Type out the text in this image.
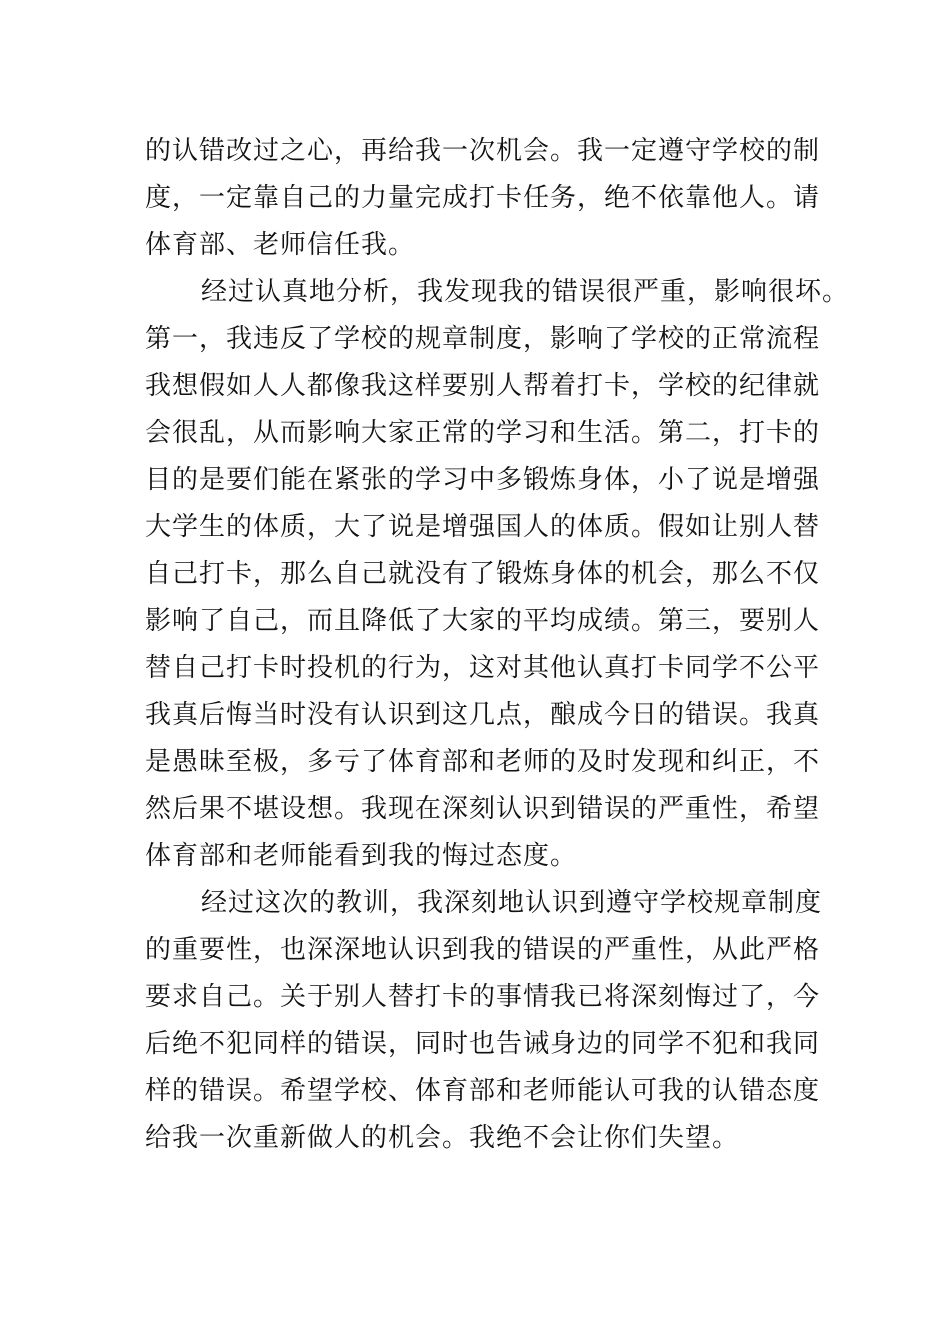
的认错改过之心，再给我一次机会。我一定遵守学校的制
度，一定靠自己的力量完成打卡任务，绝不依靠他人。请
体育部、老师信任我。
经过认真地分析，我发现我的错误很严重，影响很坏。
第一，我违反了学校的规章制度，影响了学校的正常流程
我想假如人人都像我这样要别人帮着打卡，学校的纪律就
会很乱，从而影响大家正常的学习和生活。第二，打卡的
目的是要们能在紧张的学习中多锻炼身体，小了说是增强
大学生的体质，大了说是增强国人的体质。假如让别人替
自己打卡，那么自己就没有了锻炼身体的机会，那么不仅
影响了自己，而且降低了大家的平均成绩。第三，要别人
替自己打卡时投机的行为，这对其他认真打卡同学不公平
我真后悔当时没有认识到这几点，酿成今日的错误。我真
是愚昧至极，多亏了体育部和老师的及时发现和纠正，不
然后果不堪设想。我现在深刻认识到错误的严重性，希望
体育部和老师能看到我的悔过态度。
经过这次的教训，我深刻地认识到遵守学校规章制度
的重要性，也深深地认识到我的错误的严重性，从此严格
要求自己。关于别人替打卡的事情我已将深刻悔过了，今
后绝不犯同样的错误，同时也告诫身边的同学不犯和我同
样的错误。希望学校、体育部和老师能认可我的认错态度
给我一次重新做人的机会。我绝不会让你们失望。
